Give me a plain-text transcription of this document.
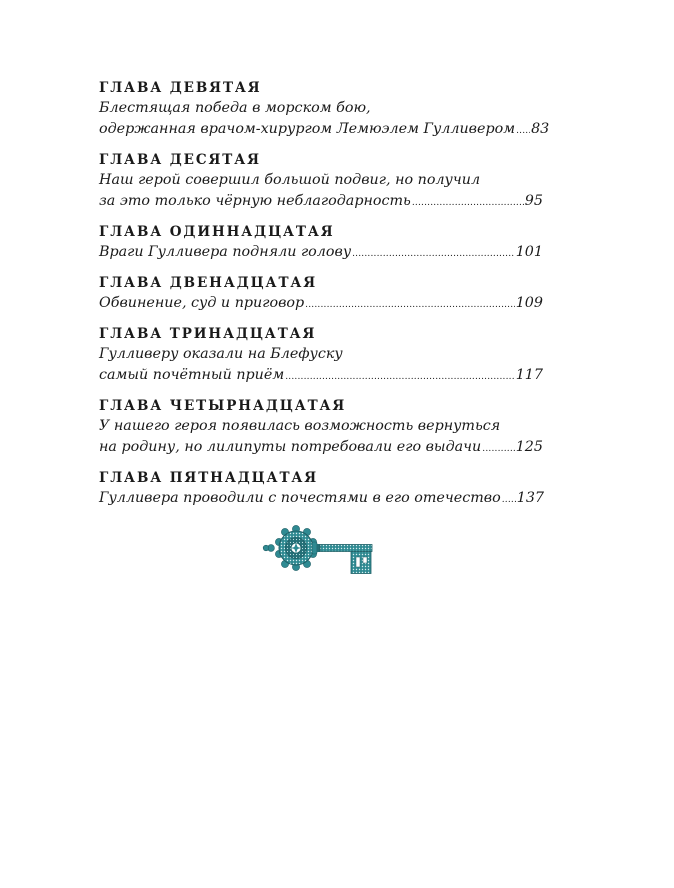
ГЛАВА ДЕВЯТАЯ
Блестящая победа в морском бою,
одержанная врачом-хирургом Лемюэлем Гулливером ..... 83
ГЛАВА ДЕСЯТАЯ
Наш герой совершил большой подвиг, но получил
за это только чёрную неблагодарность .....	95
ГЛАВА ОДИННАДЦАТАЯ
Враги Гулливера подняли голову .....	101
ГЛАВА ДВЕНАДЦАТАЯ
Обвинение, суд и приговор .....	109
ГЛАВА ТРИНАДЦАТАЯ
Гулливеру оказали на Блефуску
самый почётный приём .....	117
ГЛАВА ЧЕТЫРНАДЦАТАЯ
У нашего героя появилась возможность вернуться
на родину, но лилипуты потребовали его выдачи ..... 125
ГЛАВА ПЯТНАДЦАТАЯ
Гулливера проводили с почестями в его отечество ..... 137
